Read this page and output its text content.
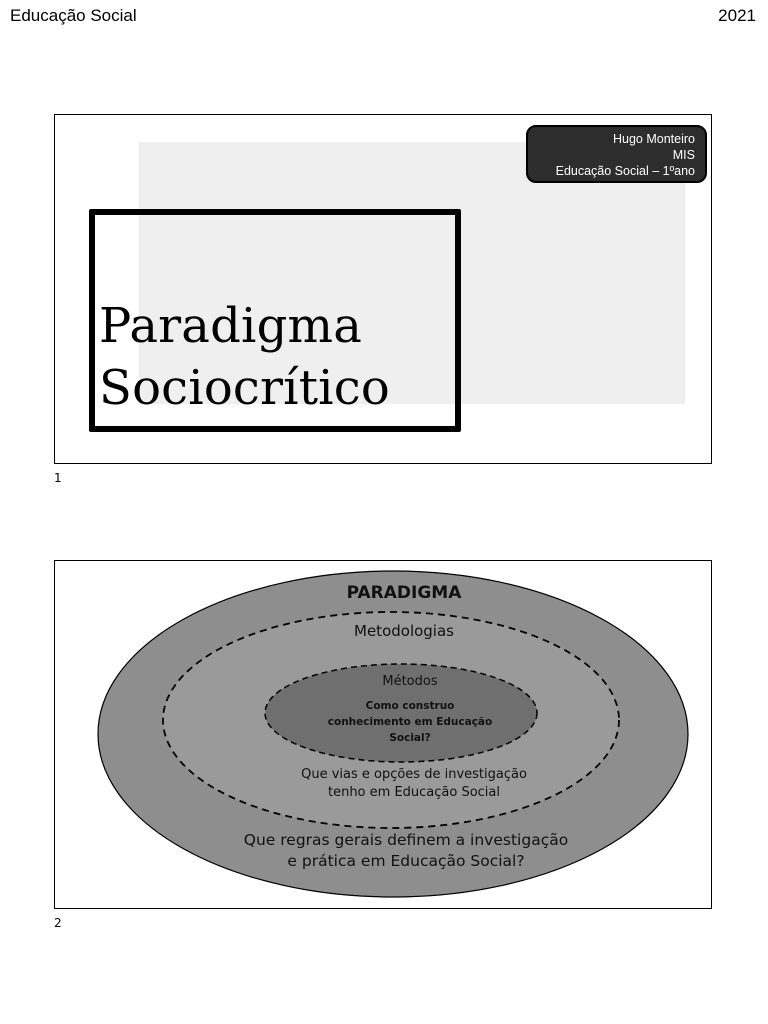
Educação Social	2021
Hugo Monteiro
MIS
Educação Social – 1ºano
Paradigma
Sociocrítico
1
PARADIGMA
Metodologias
Métodos
Como construo
conhecimento em Educação
Social?
Que vias e opções de investigação
tenho em Educação Social
Que regras gerais definem a investigação
e prática em Educação Social?
2
